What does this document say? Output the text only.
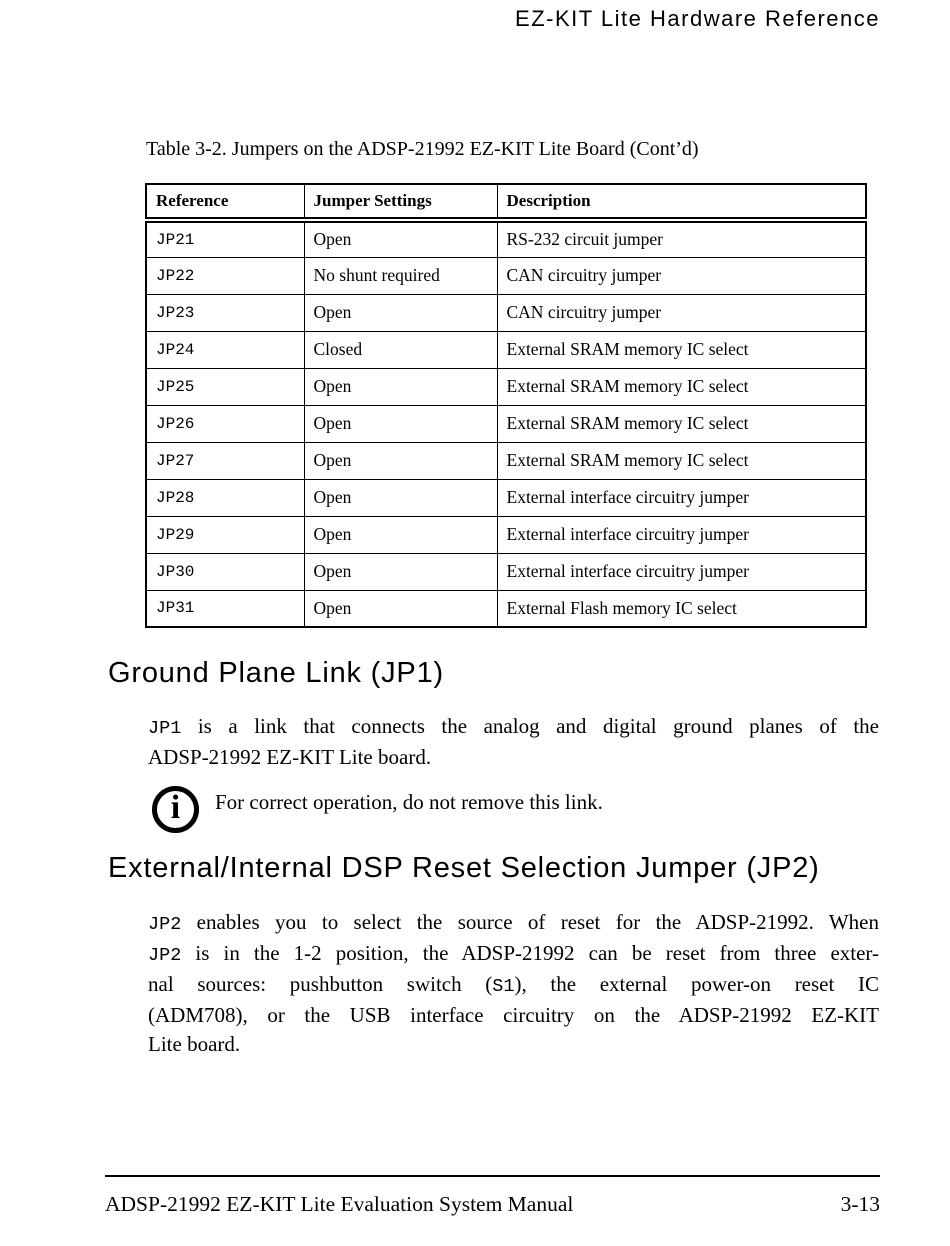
EZ-KIT Lite Hardware Reference
Table 3-2. Jumpers on the ADSP-21992 EZ-KIT Lite Board (Cont’d)
Reference	Jumper Settings	Description
JP21	Open	RS-232 circuit jumper
JP22	No shunt required	CAN circuitry jumper
JP23	Open	CAN circuitry jumper
JP24	Closed	External SRAM memory IC select
JP25	Open	External SRAM memory IC select
JP26	Open	External SRAM memory IC select
JP27	Open	External SRAM memory IC select
JP28	Open	External interface circuitry jumper
JP29	Open	External interface circuitry jumper
JP30	Open	External interface circuitry jumper
JP31	Open	External Flash memory IC select
Ground Plane Link (JP1)
JP1 is a link that connects the analog and digital ground planes of the
ADSP-21992 EZ-KIT Lite board.
i	For correct operation, do not remove this link.
External/Internal DSP Reset Selection Jumper (JP2)
JP2 enables you to select the source of reset for the ADSP-21992. When
JP2 is in the 1-2 position, the ADSP-21992 can be reset from three exter-
nal sources: pushbutton switch (S1), the external power-on reset IC
(ADM708), or the USB interface circuitry on the ADSP-21992 EZ-KIT
Lite board.
ADSP-21992 EZ-KIT Lite Evaluation System Manual	3-13
